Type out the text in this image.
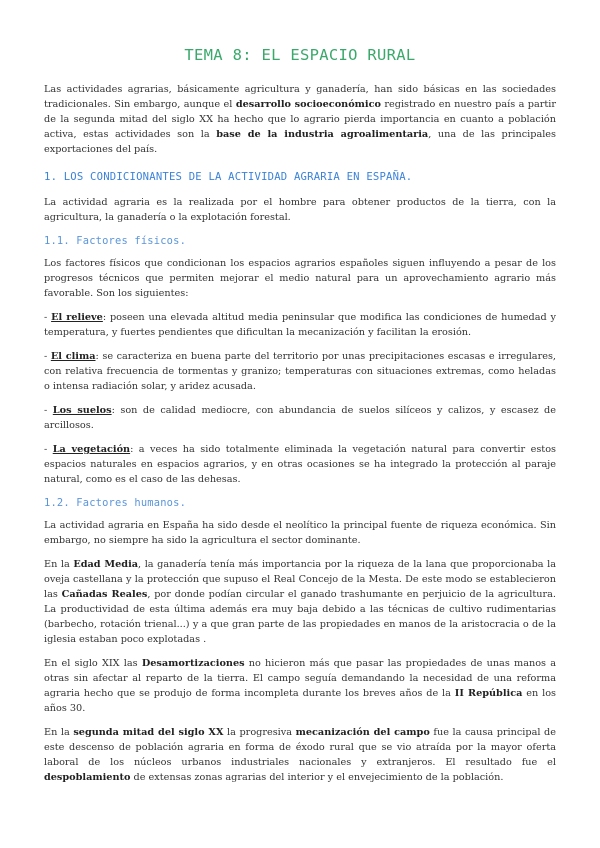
TEMA 8: EL ESPACIO RURAL

Las actividades agrarias, básicamente agricultura y ganadería, han sido básicas en las sociedades tradicionales. Sin embargo, aunque el desarrollo socioeconómico registrado en nuestro país a partir de la segunda mitad del siglo XX ha hecho que lo agrario pierda importancia en cuanto a población activa, estas actividades son la base de la industria agroalimentaria, una de las principales exportaciones del país.

1. LOS CONDICIONANTES DE LA ACTIVIDAD AGRARIA EN ESPAÑA.

La actividad agraria es la realizada por el hombre para obtener productos de la tierra, con la agricultura, la ganadería o la explotación forestal.

1.1. Factores físicos.

Los factores físicos que condicionan los espacios agrarios españoles siguen influyendo a pesar de los progresos técnicos que permiten mejorar el medio natural para un aprovechamiento agrario más favorable. Son los siguientes:

- El relieve: poseen una elevada altitud media peninsular que modifica las condiciones de humedad y temperatura, y fuertes pendientes que dificultan la mecanización y facilitan la erosión.

- El clima: se caracteriza en buena parte del territorio por unas precipitaciones escasas e irregulares, con relativa frecuencia de tormentas y granizo; temperaturas con situaciones extremas, como heladas o intensa radiación solar, y aridez acusada.

- Los suelos: son de calidad mediocre, con abundancia de suelos silíceos y calizos, y escasez de arcillosos.

- La vegetación: a veces ha sido totalmente eliminada la vegetación natural para convertir estos espacios naturales en espacios agrarios, y en otras ocasiones se ha integrado la protección al paraje natural, como es el caso de las dehesas.

1.2. Factores humanos.

La actividad agraria en España ha sido desde el neolítico la principal fuente de riqueza económica. Sin embargo, no siempre ha sido la agricultura el sector dominante.

En la Edad Media, la ganadería tenía más importancia por la riqueza de la lana que proporcionaba la oveja castellana y la protección que supuso el Real Concejo de la Mesta. De este modo se establecieron las Cañadas Reales, por donde podían circular el ganado trashumante en perjuicio de la agricultura. La productividad de esta última además era muy baja debido a las técnicas de cultivo rudimentarias (barbecho, rotación trienal...) y a que gran parte de las propiedades en manos de la aristocracia o de la iglesia estaban poco explotadas .

En el siglo XIX las Desamortizaciones no hicieron más que pasar las propiedades de unas manos a otras sin afectar al reparto de la tierra. El campo seguía demandando la necesidad de una reforma agraria hecho que se produjo de forma incompleta durante los breves años de la II República en los años 30.

En la segunda mitad del siglo XX la progresiva mecanización del campo fue la causa principal de este descenso de población agraria en forma de éxodo rural que se vio atraída por la mayor oferta laboral de los núcleos urbanos industriales nacionales y extranjeros. El resultado fue el despoblamiento de extensas zonas agrarias del interior y el envejecimiento de la población.
